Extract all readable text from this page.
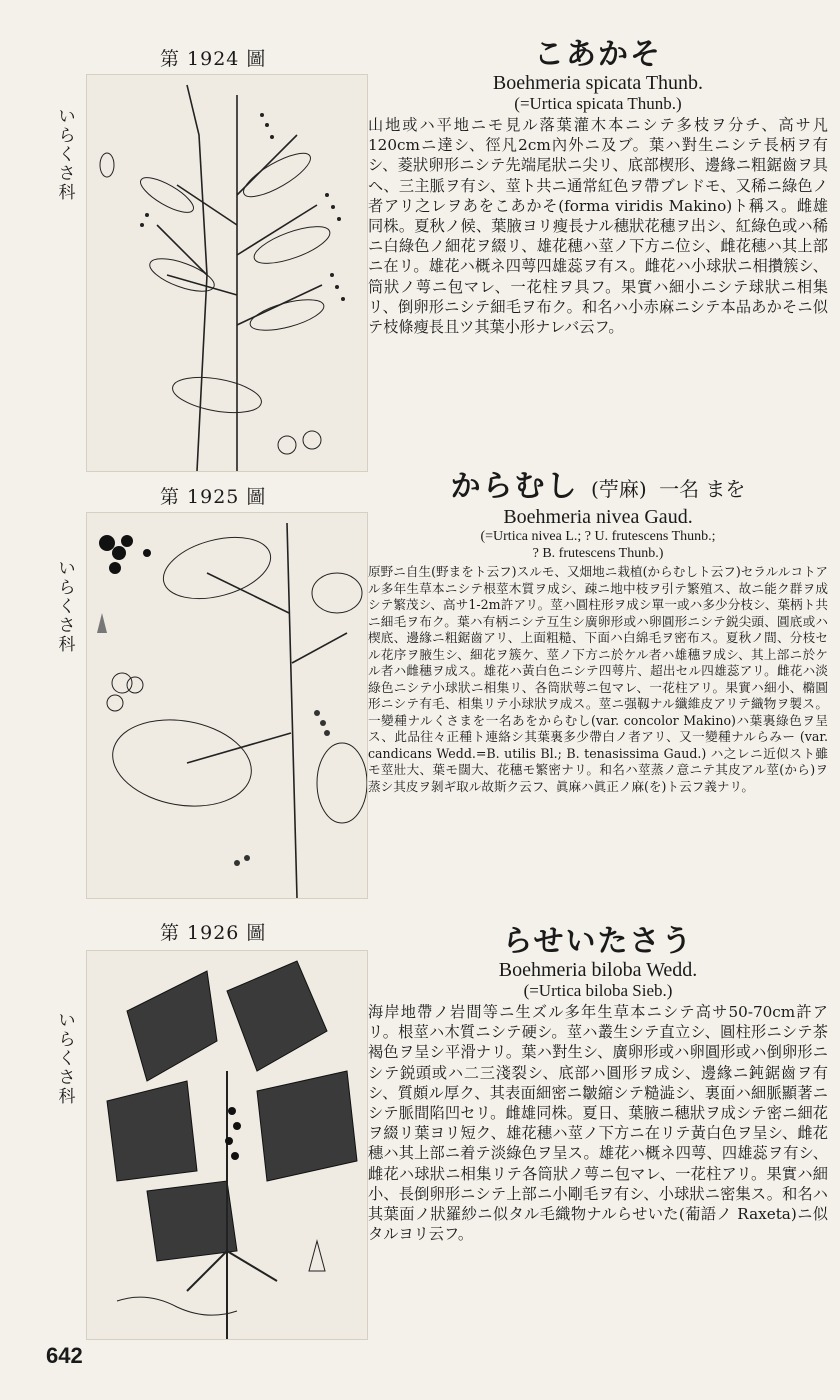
第 1924 圖
いらくさ科
こあかそ
Boehmeria spicata Thunb.
(=Urtica spicata Thunb.)
山地或ハ平地ニモ見ル落葉灌木本ニシテ多枝ヲ分チ、高サ凡120cmニ達シ、徑凡2cm內外ニ及ブ。葉ハ對生ニシテ長柄ヲ有シ、菱狀卵形ニシテ先端尾狀ニ尖リ、底部楔形、邊緣ニ粗鋸齒ヲ具ヘ、三主脈ヲ有シ、莖ト共ニ通常紅色ヲ帶ブレドモ、又稀ニ綠色ノ者アリ之レヲあをこあかそ(forma viridis Makino)ト稱ス。雌雄同株。夏秋ノ候、葉腋ヨリ瘦長ナル穗狀花穗ヲ出シ、紅綠色或ハ稀ニ白綠色ノ細花ヲ綴リ、雄花穗ハ莖ノ下方ニ位シ、雌花穗ハ其上部ニ在リ。雄花ハ概ネ四萼四雄蕊ヲ有ス。雌花ハ小球狀ニ相攢簇シ、筒狀ノ萼ニ包マレ、一花柱ヲ具フ。果實ハ細小ニシテ球狀ニ相集リ、倒卵形ニシテ細毛ヲ布ク。和名ハ小赤麻ニシテ本品あかそニ似テ枝條瘦長且ツ其葉小形ナレバ云フ。
第 1925 圖
いらくさ科
からむし (苧麻) 一名 まを
Boehmeria nivea Gaud.
(=Urtica nivea L.; ? U. frutescens Thunb.;
? B. frutescens Thunb.)
原野ニ自生(野まをト云フ)スルモ、又畑地ニ栽植(からむしト云フ)セラルルコトアル多年生草本ニシテ根莖木質ヲ成シ、疎ニ地中枝ヲ引テ繁殖ス、故ニ能ク群ヲ成シテ繁茂シ、高サ1-2m許アリ。莖ハ圓柱形ヲ成シ單一或ハ多少分枝シ、葉柄ト共ニ細毛ヲ布ク。葉ハ有柄ニシテ互生シ廣卵形或ハ卵圓形ニシテ鋭尖頭、圓底或ハ楔底、邊緣ニ粗鋸齒アリ、上面粗糙、下面ハ白綿毛ヲ密布ス。夏秋ノ間、分枝セル花序ヲ腋生シ、細花ヲ簇ケ、莖ノ下方ニ於ケル者ハ雄穗ヲ成シ、其上部ニ於ケル者ハ雌穗ヲ成ス。雄花ハ黃白色ニシテ四萼片、超出セル四雄蕊アリ。雌花ハ淡綠色ニシテ小球狀ニ相集リ、各筒狀萼ニ包マレ、一花柱アリ。果實ハ細小、橢圓形ニシテ有毛、相集リテ小球狀ヲ成ス。莖ニ强靱ナル纖維皮アリテ織物ヲ製ス。一變種ナルくさまを一名あをからむし(var. concolor Makino)ハ葉裏綠色ヲ呈ス、此品往々正種ト連絡シ其葉裏多少帶白ノ者アリ、又一變種ナルらみー (var. candicans Wedd.=B. utilis Bl.; B. tenasissima Gaud.) ハ之レニ近似スト雖モ莖壯大、葉モ闊大、花穗モ繁密ナリ。和名ハ莖蒸ノ意ニテ其皮アル莖(から)ヲ蒸シ其皮ヲ剝ギ取ル故斯ク云フ、眞麻ハ眞正ノ麻(を)ト云フ義ナリ。
第 1926 圖
いらくさ科
らせいたさう
Boehmeria biloba Wedd.
(=Urtica biloba Sieb.)
海岸地帶ノ岩間等ニ生ズル多年生草本ニシテ高サ50-70cm許アリ。根莖ハ木質ニシテ硬シ。莖ハ叢生シテ直立シ、圓柱形ニシテ茶褐色ヲ呈シ平滑ナリ。葉ハ對生シ、廣卵形或ハ卵圓形或ハ倒卵形ニシテ鋭頭或ハ二三淺裂シ、底部ハ圓形ヲ成シ、邊緣ニ鈍鋸齒ヲ有シ、質頗ル厚ク、其表面細密ニ皺縮シテ糙澁シ、裏面ハ細脈顯著ニシテ脈間陷凹セリ。雌雄同株。夏日、葉腋ニ穗狀ヲ成シテ密ニ細花ヲ綴リ葉ヨリ短ク、雄花穗ハ莖ノ下方ニ在リテ黃白色ヲ呈シ、雌花穗ハ其上部ニ着テ淡綠色ヲ呈ス。雄花ハ概ネ四萼、四雄蕊ヲ有シ、雌花ハ球狀ニ相集リテ各筒狀ノ萼ニ包マレ、一花柱アリ。果實ハ細小、長倒卵形ニシテ上部ニ小剛毛ヲ有シ、小球狀ニ密集ス。和名ハ其葉面ノ狀羅紗ニ似タル毛織物ナルらせいた(葡語ノ Raxeta)ニ似タルヨリ云フ。
642
